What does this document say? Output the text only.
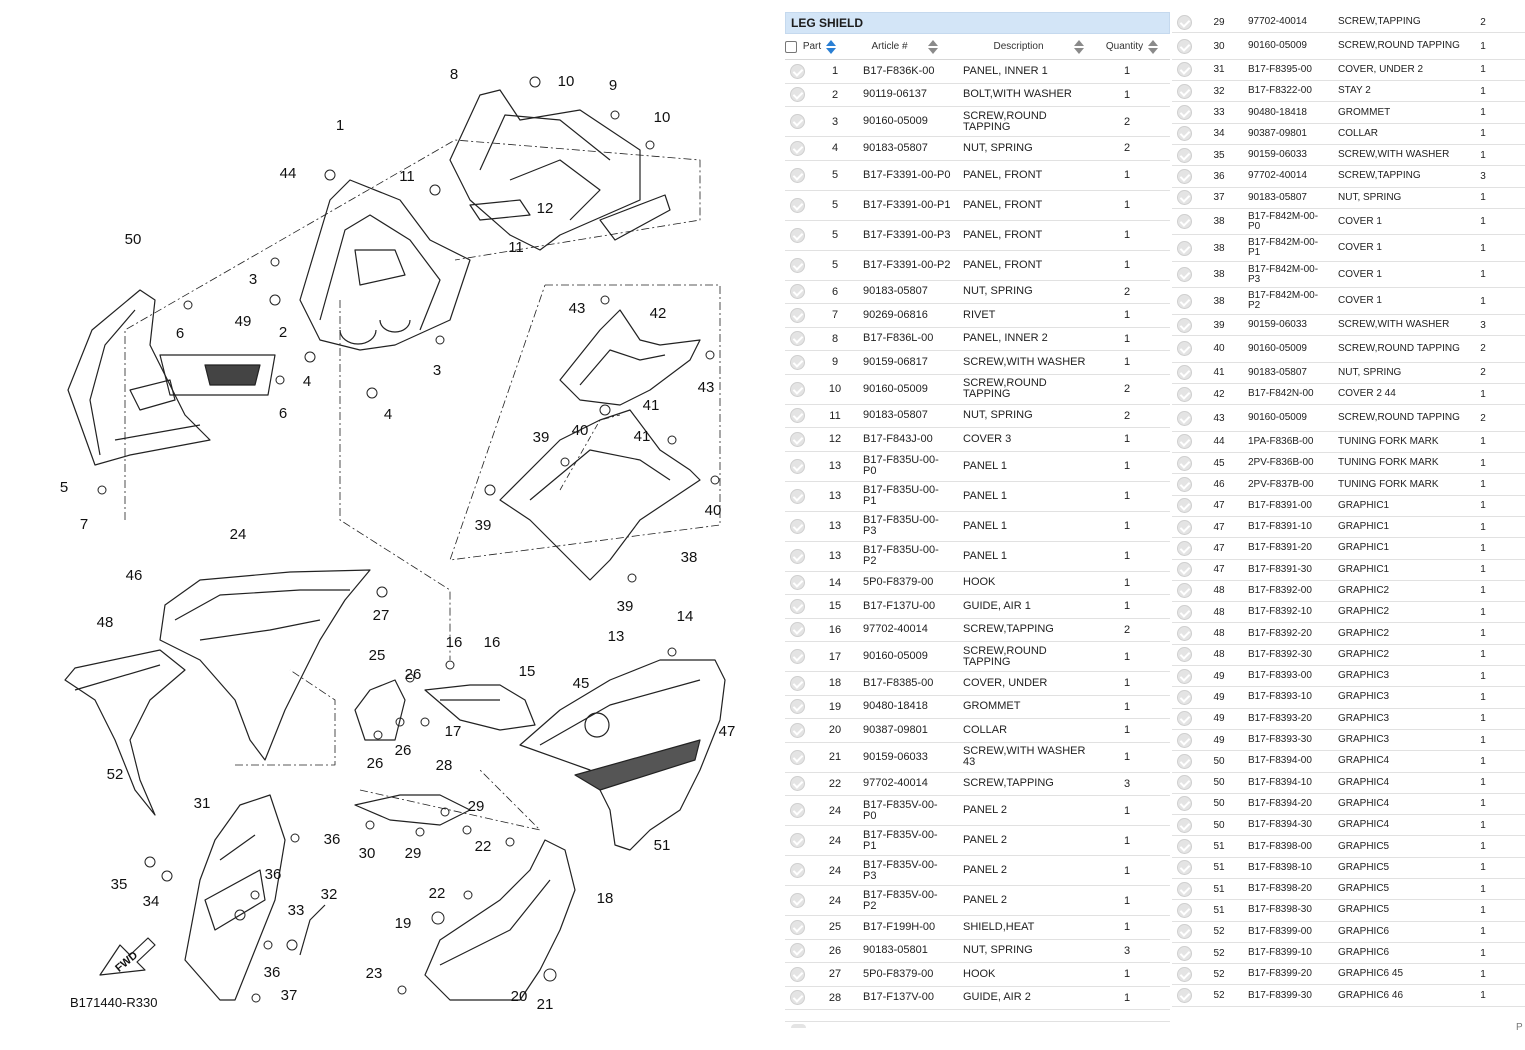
1
2
3
3
4
4
5
6
6
7
8
9
10
10
11
11
12
13
14
15
16 16
17
18
19
20 21
22
22
23
24
25
26
26
26
27
28
29
29
30
31
32
33
34
35
36
36
36
37
38
39
39
39
40
40
41
41
42
43
43
44
45
46
47
48
49
50
51
52
B171440-R330
FWD
LEG SHIELD
Part	Article #	Description	Quantity
1	B17-F836K-00	PANEL, INNER 1	1
2	90119-06137	BOLT,WITH WASHER	1
3	90160-05009	SCREW,ROUND TAPPING	2
4	90183-05807	NUT, SPRING	2
5	B17-F3391-00-P0	PANEL, FRONT	1
5	B17-F3391-00-P1	PANEL, FRONT	1
5	B17-F3391-00-P3	PANEL, FRONT	1
5	B17-F3391-00-P2	PANEL, FRONT	1
6	90183-05807	NUT, SPRING	2
7	90269-06816	RIVET	1
8	B17-F836L-00	PANEL, INNER 2	1
9	90159-06817	SCREW,WITH WASHER	1
10	90160-05009	SCREW,ROUND TAPPING	2
11	90183-05807	NUT, SPRING	2
12	B17-F843J-00	COVER 3	1
13	B17-F835U-00-P0	PANEL 1	1
13	B17-F835U-00-P1	PANEL 1	1
13	B17-F835U-00-P3	PANEL 1	1
13	B17-F835U-00-P2	PANEL 1	1
14	5P0-F8379-00	HOOK	1
15	B17-F137U-00	GUIDE, AIR 1	1
16	97702-40014	SCREW,TAPPING	2
17	90160-05009	SCREW,ROUND TAPPING	1
18	B17-F8385-00	COVER, UNDER	1
19	90480-18418	GROMMET	1
20	90387-09801	COLLAR	1
21	90159-06033	SCREW,WITH WASHER 43	1
22	97702-40014	SCREW,TAPPING	3
24	B17-F835V-00-P0	PANEL 2	1
24	B17-F835V-00-P1	PANEL 2	1
24	B17-F835V-00-P3	PANEL 2	1
24	B17-F835V-00-P2	PANEL 2	1
25	B17-F199H-00	SHIELD,HEAT	1
26	90183-05801	NUT, SPRING	3
27	5P0-F8379-00	HOOK	1
28	B17-F137V-00	GUIDE, AIR 2	1
29	97702-40014	SCREW,TAPPING	2
30	90160-05009	SCREW,ROUND TAPPING	1
31	B17-F8395-00	COVER, UNDER 2	1
32	B17-F8322-00	STAY 2	1
33	90480-18418	GROMMET	1
34	90387-09801	COLLAR	1
35	90159-06033	SCREW,WITH WASHER	1
36	97702-40014	SCREW,TAPPING	3
37	90183-05807	NUT, SPRING	1
38	B17-F842M-00-P0	COVER 1	1
38	B17-F842M-00-P1	COVER 1	1
38	B17-F842M-00-P3	COVER 1	1
38	B17-F842M-00-P2	COVER 1	1
39	90159-06033	SCREW,WITH WASHER	3
40	90160-05009	SCREW,ROUND TAPPING	2
41	90183-05807	NUT, SPRING	2
42	B17-F842N-00	COVER 2 44	1
43	90160-05009	SCREW,ROUND TAPPING	2
44	1PA-F836B-00	TUNING FORK MARK	1
45	2PV-F836B-00	TUNING FORK MARK	1
46	2PV-F837B-00	TUNING FORK MARK	1
47	B17-F8391-00	GRAPHIC1	1
47	B17-F8391-10	GRAPHIC1	1
47	B17-F8391-20	GRAPHIC1	1
47	B17-F8391-30	GRAPHIC1	1
48	B17-F8392-00	GRAPHIC2	1
48	B17-F8392-10	GRAPHIC2	1
48	B17-F8392-20	GRAPHIC2	1
48	B17-F8392-30	GRAPHIC2	1
49	B17-F8393-00	GRAPHIC3	1
49	B17-F8393-10	GRAPHIC3	1
49	B17-F8393-20	GRAPHIC3	1
49	B17-F8393-30	GRAPHIC3	1
50	B17-F8394-00	GRAPHIC4	1
50	B17-F8394-10	GRAPHIC4	1
50	B17-F8394-20	GRAPHIC4	1
50	B17-F8394-30	GRAPHIC4	1
51	B17-F8398-00	GRAPHIC5	1
51	B17-F8398-10	GRAPHIC5	1
51	B17-F8398-20	GRAPHIC5	1
51	B17-F8398-30	GRAPHIC5	1
52	B17-F8399-00	GRAPHIC6	1
52	B17-F8399-10	GRAPHIC6	1
52	B17-F8399-20	GRAPHIC6 45	1
52	B17-F8399-30	GRAPHIC6 46	1
P
